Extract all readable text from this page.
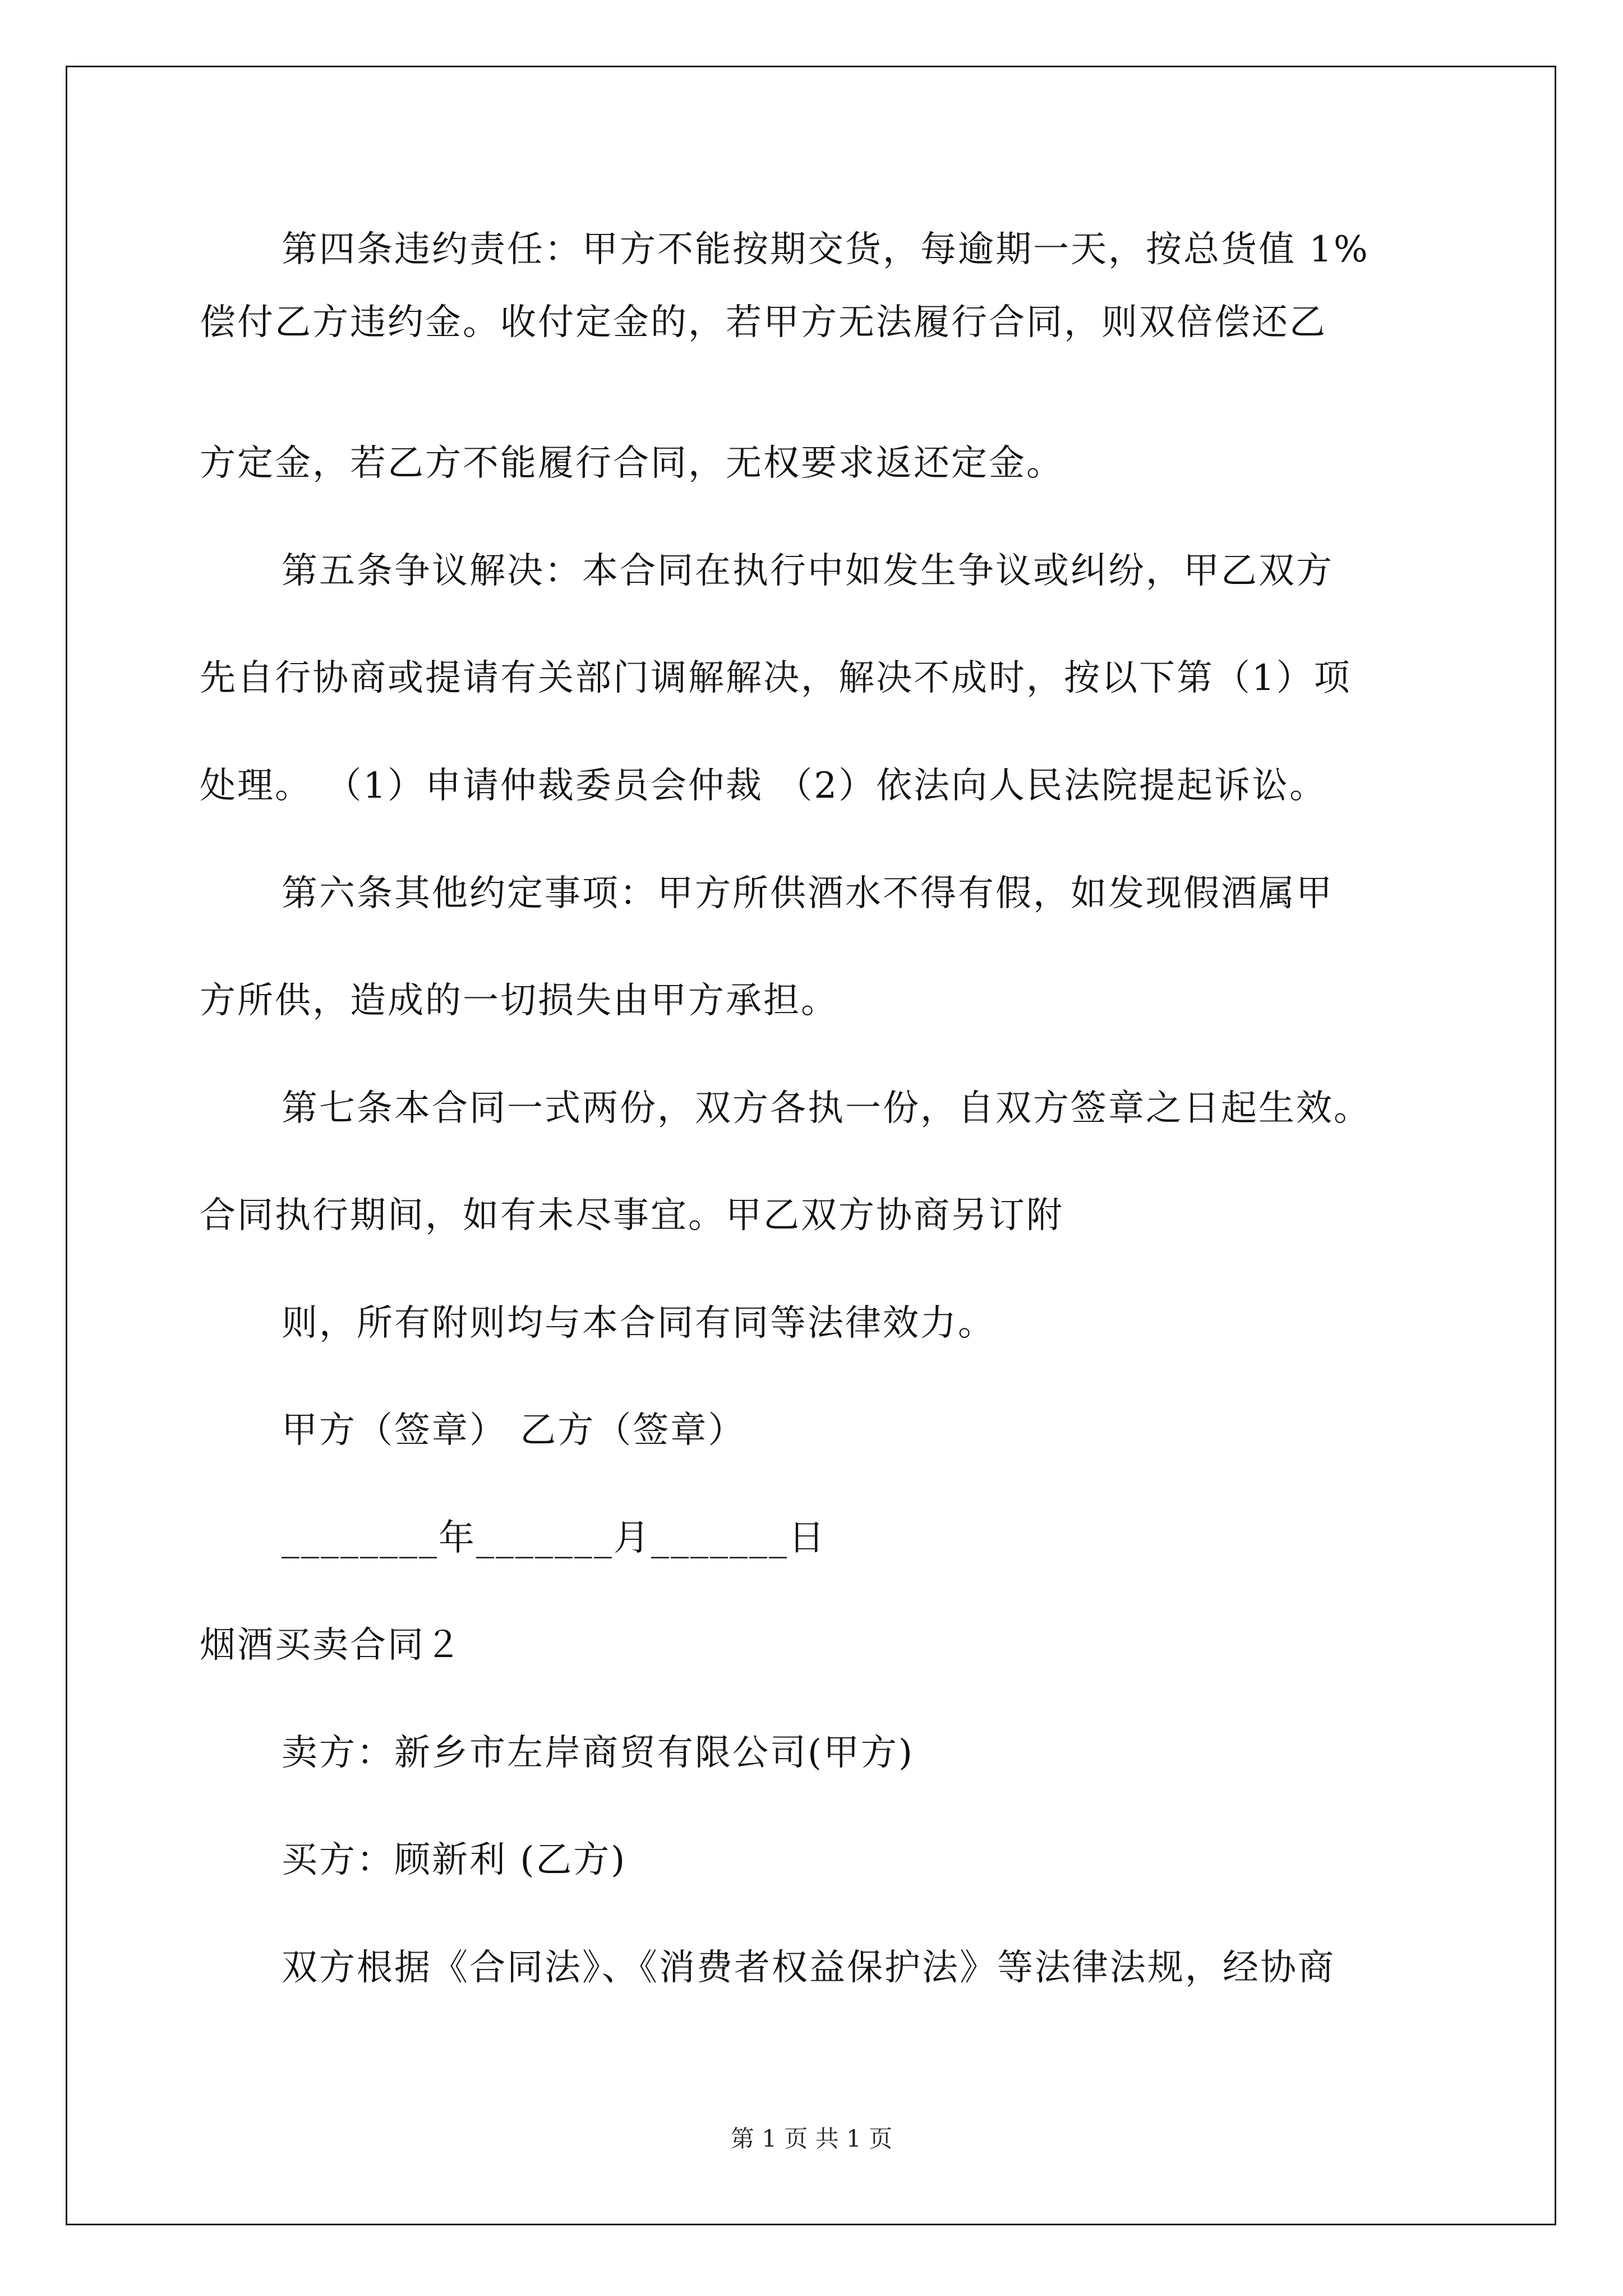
第四条违约责任：甲方不能按期交货，每逾期一天，按总货值 1%
偿付乙方违约金。收付定金的，若甲方无法履行合同，则双倍偿还乙
方定金，若乙方不能履行合同，无权要求返还定金。
第五条争议解决：本合同在执行中如发生争议或纠纷，甲乙双方
先自行协商或提请有关部门调解解决，解决不成时，按以下第（1）项
处理。 （1）申请仲裁委员会仲裁 （2）依法向人民法院提起诉讼。
第六条其他约定事项：甲方所供酒水不得有假，如发现假酒属甲
方所供，造成的一切损失由甲方承担。
第七条本合同一式两份，双方各执一份，自双方签章之日起生效。
合同执行期间，如有未尽事宜。甲乙双方协商另订附
则，所有附则均与本合同有同等法律效力。
甲方（签章） 乙方（签章）
________年_______月_______日
烟酒买卖合同２
卖方：新乡市左岸商贸有限公司(甲方)
买方：顾新利 (乙方)
双方根据《合同法》、《消费者权益保护法》等法律法规，经协商
第 1 页 共 1 页
